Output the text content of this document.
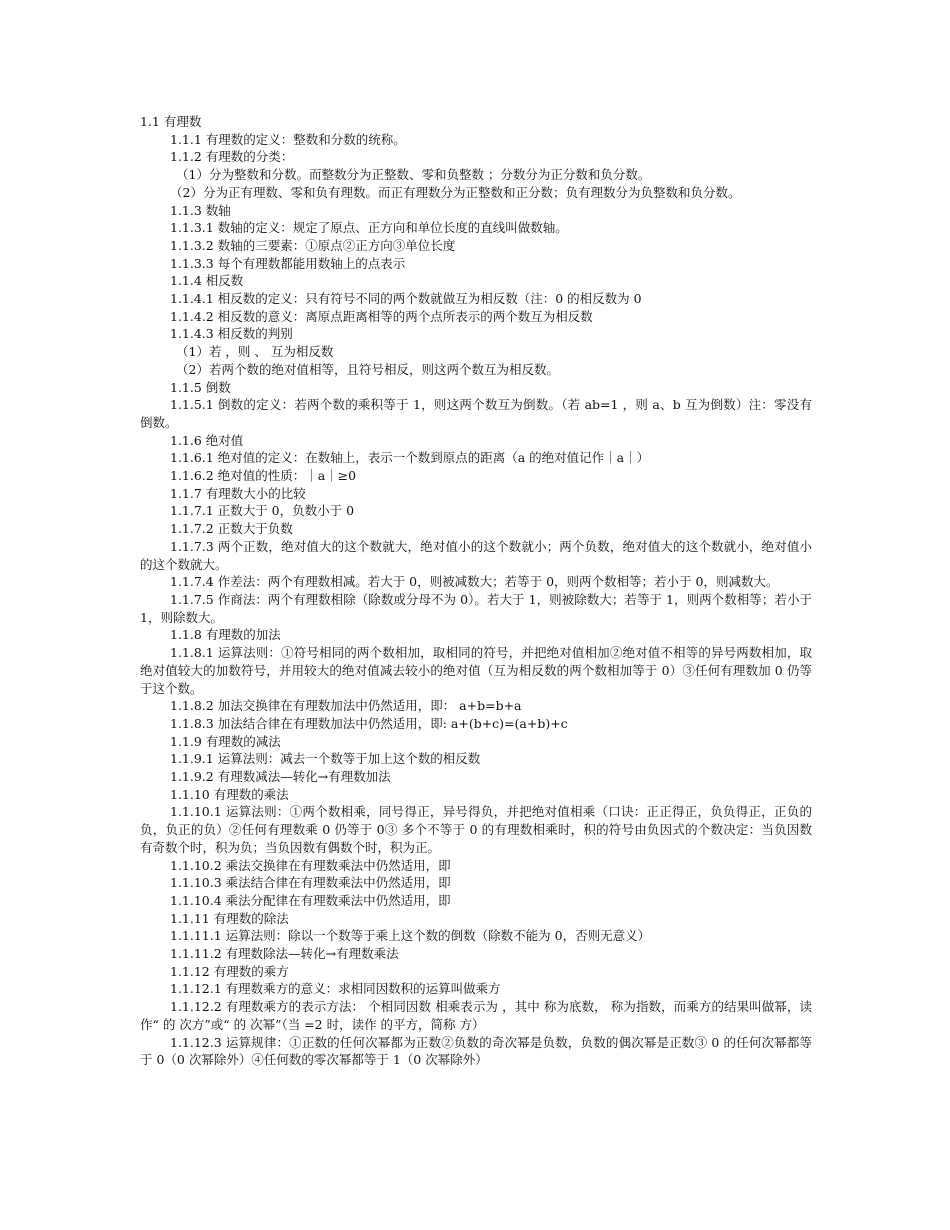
1.1 有理数
1.1.1 有理数的定义：整数和分数的统称。
1.1.2 有理数的分类：
（1）分为整数和分数。而整数分为正整数、零和负整数 ；分数分为正分数和负分数。
（2）分为正有理数、零和负有理数。而正有理数分为正整数和正分数；负有理数分为负整数和负分数。
1.1.3 数轴
1.1.3.1 数轴的定义：规定了原点、正方向和单位长度的直线叫做数轴。
1.1.3.2 数轴的三要素：①原点②正方向③单位长度
1.1.3.3 每个有理数都能用数轴上的点表示
1.1.4 相反数
1.1.4.1 相反数的定义：只有符号不同的两个数就做互为相反数（注：0 的相反数为 0
1.1.4.2 相反数的意义：离原点距离相等的两个点所表示的两个数互为相反数
1.1.4.3 相反数的判别
（1）若 ，则 、 互为相反数
（2）若两个数的绝对值相等，且符号相反，则这两个数互为相反数。
1.1.5 倒数
1.1.5.1 倒数的定义：若两个数的乘积等于 1，则这两个数互为倒数。（若 ab=1 ，则 a、b 互为倒数）注：零没有倒数。
1.1.6 绝对值
1.1.6.1 绝对值的定义：在数轴上，表示一个数到原点的距离（a 的绝对值记作｜a｜）
1.1.6.2 绝对值的性质：｜a｜≥0
1.1.7 有理数大小的比较
1.1.7.1 正数大于 0，负数小于 0
1.1.7.2 正数大于负数
1.1.7.3 两个正数，绝对值大的这个数就大，绝对值小的这个数就小；两个负数，绝对值大的这个数就小，绝对值小的这个数就大。
1.1.7.4 作差法：两个有理数相减。若大于 0，则被减数大；若等于 0，则两个数相等；若小于 0，则减数大。
1.1.7.5 作商法：两个有理数相除（除数或分母不为 0）。若大于 1，则被除数大；若等于 1，则两个数相等；若小于 1，则除数大。
1.1.8 有理数的加法
1.1.8.1 运算法则：①符号相同的两个数相加，取相同的符号，并把绝对值相加②绝对值不相等的异号两数相加，取绝对值较大的加数符号，并用较大的绝对值减去较小的绝对值（互为相反数的两个数相加等于 0）③任何有理数加 0 仍等于这个数。
1.1.8.2 加法交换律在有理数加法中仍然适用，即： a+b=b+a
1.1.8.3 加法结合律在有理数加法中仍然适用，即: a+(b+c)=(a+b)+c
1.1.9 有理数的减法
1.1.9.1 运算法则：减去一个数等于加上这个数的相反数
1.1.9.2 有理数减法—转化→有理数加法
1.1.10 有理数的乘法
1.1.10.1 运算法则：①两个数相乘，同号得正，异号得负，并把绝对值相乘（口诀：正正得正，负负得正，正负的负，负正的负）②任何有理数乘 0 仍等于 0③ 多个不等于 0 的有理数相乘时，积的符号由负因式的个数决定：当负因数有奇数个时，积为负；当负因数有偶数个时，积为正。
1.1.10.2 乘法交换律在有理数乘法中仍然适用，即
1.1.10.3 乘法结合律在有理数乘法中仍然适用，即
1.1.10.4 乘法分配律在有理数乘法中仍然适用，即
1.1.11 有理数的除法
1.1.11.1 运算法则：除以一个数等于乘上这个数的倒数（除数不能为 0，否则无意义）
1.1.11.2 有理数除法—转化→有理数乘法
1.1.12 有理数的乘方
1.1.12.1 有理数乘方的意义：求相同因数积的运算叫做乘方
1.1.12.2 有理数乘方的表示方法： 个相同因数 相乘表示为 ，其中 称为底数， 称为指数，而乘方的结果叫做幂，读作“ 的 次方”或“ 的 次幂”（当 =2 时，读作 的平方，简称 方）
1.1.12.3 运算规律：①正数的任何次幂都为正数②负数的奇次幂是负数，负数的偶次幂是正数③ 0 的任何次幂都等于 0（0 次幂除外）④任何数的零次幂都等于 1（0 次幂除外）
